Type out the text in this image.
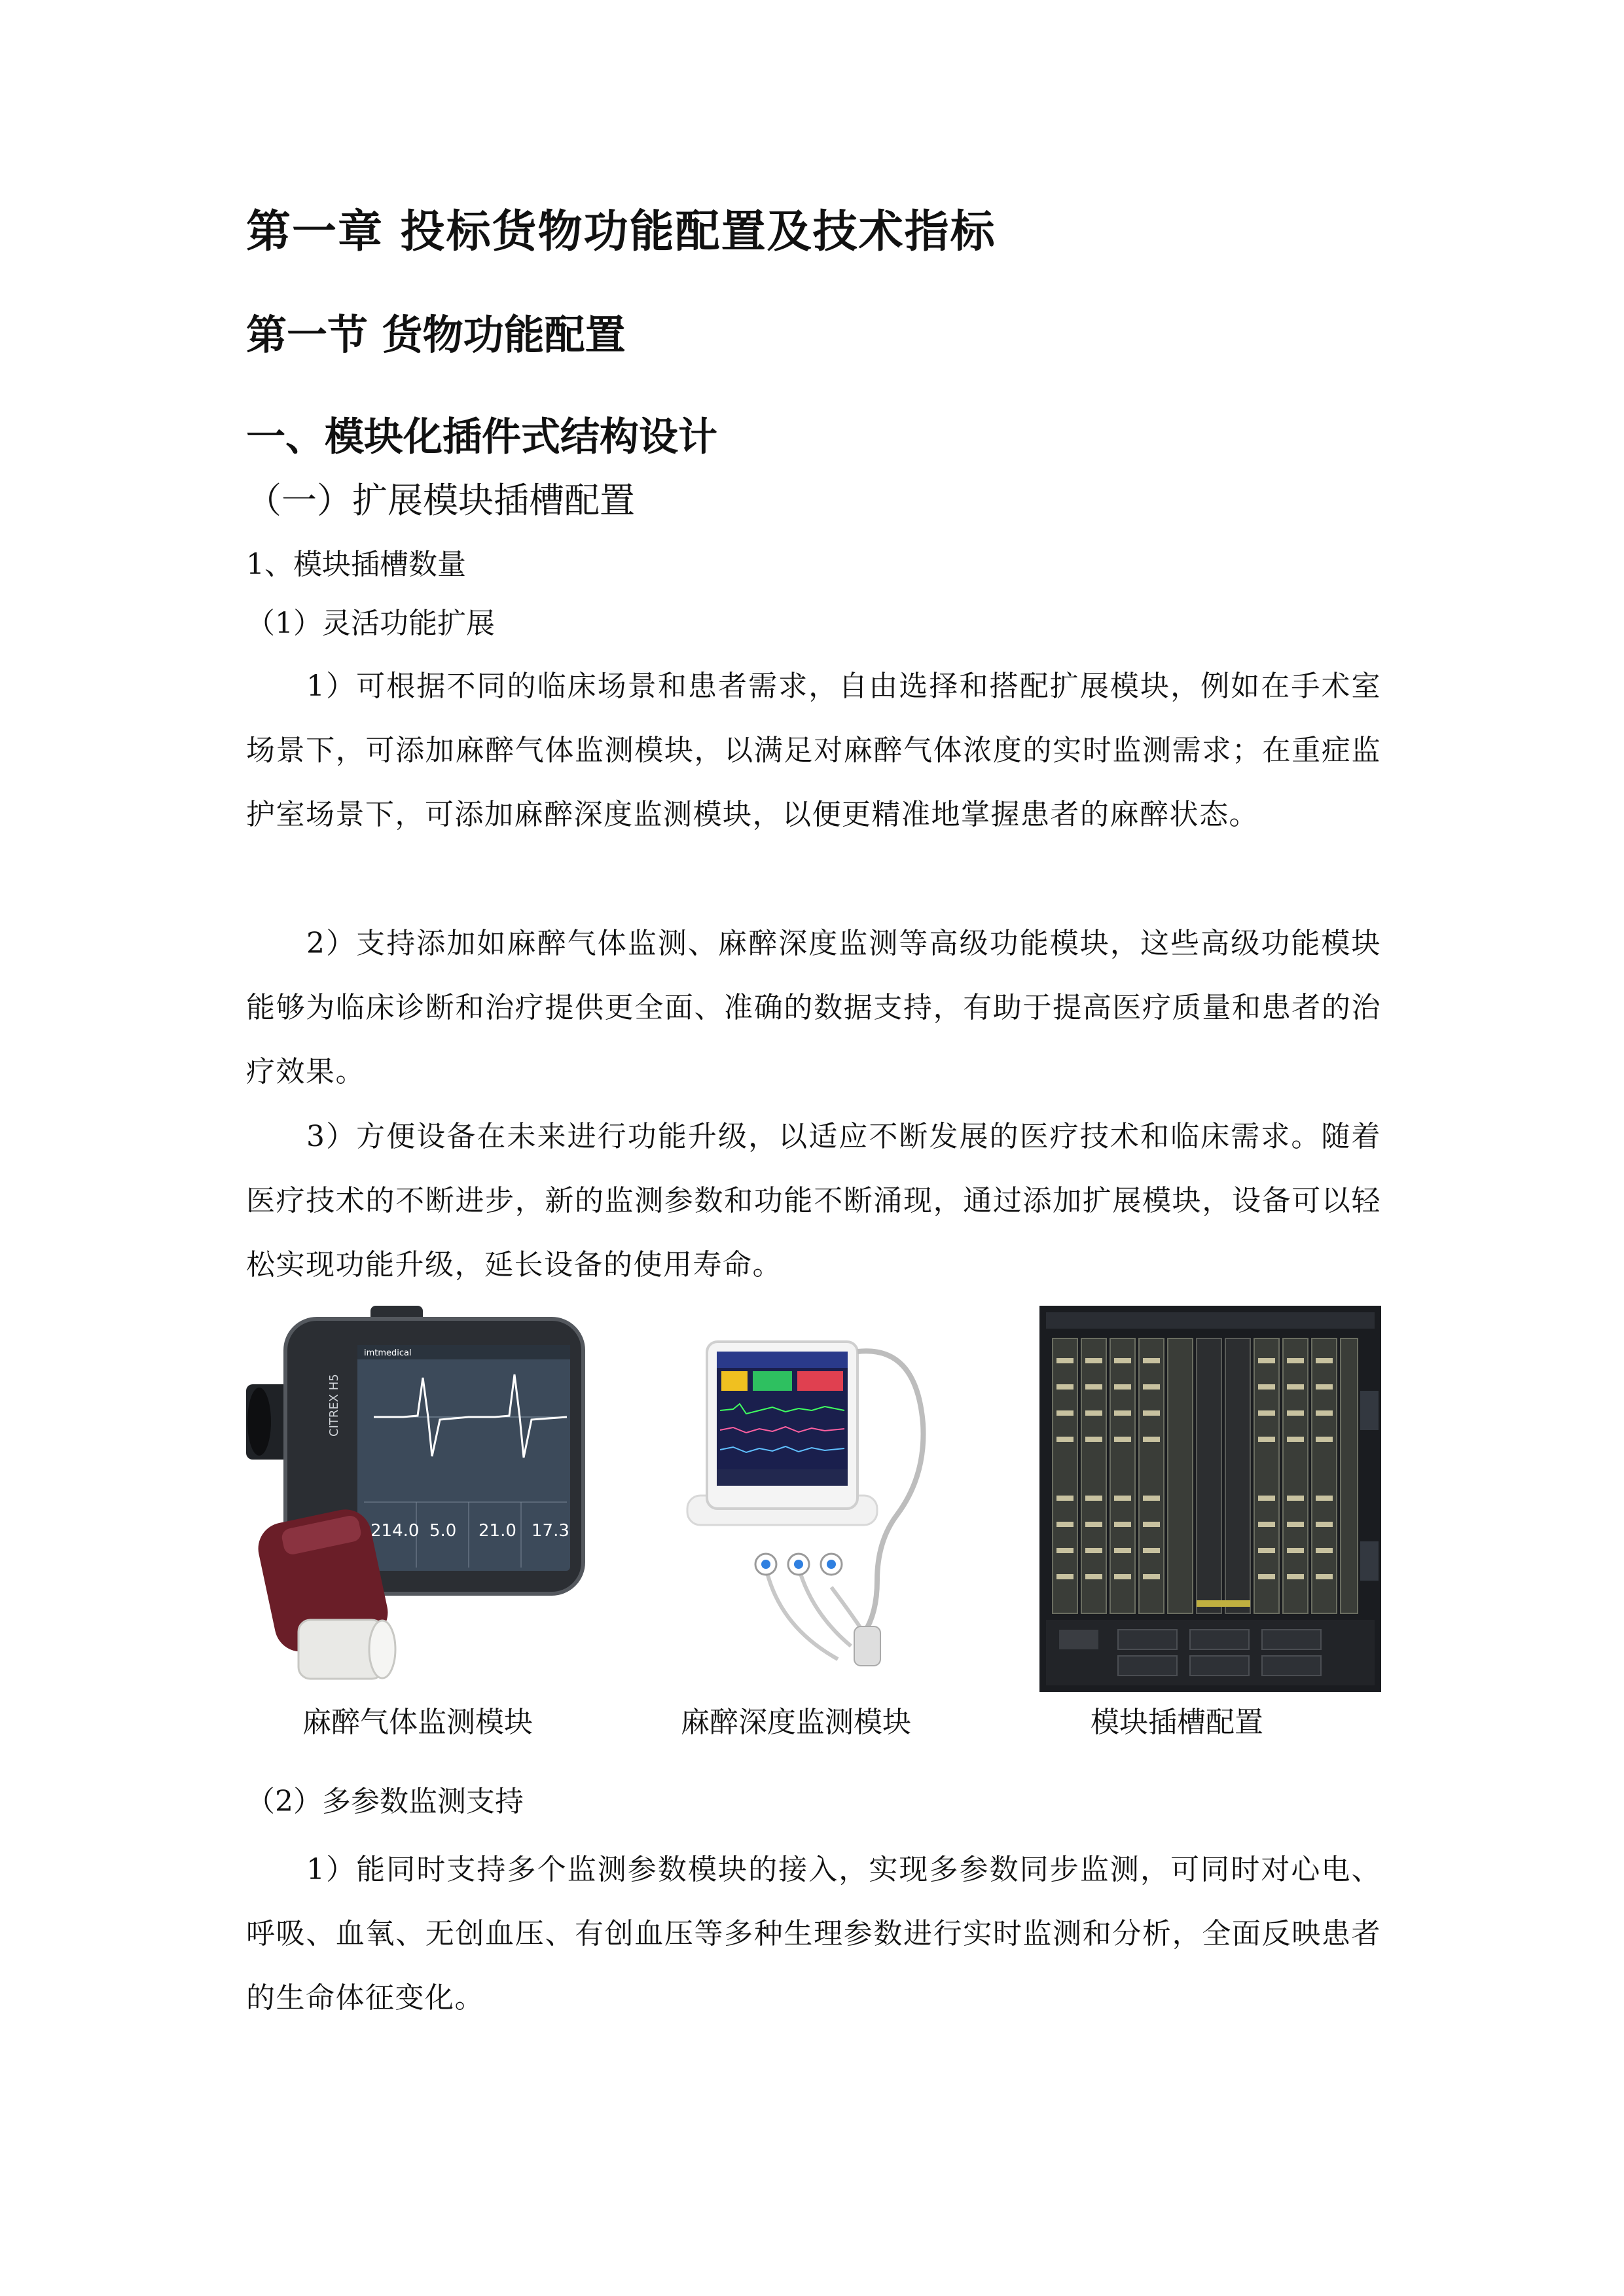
第一章 投标货物功能配置及技术指标
第一节 货物功能配置
一、模块化插件式结构设计
（一）扩展模块插槽配置
1、模块插槽数量
（1）灵活功能扩展
1）可根据不同的临床场景和患者需求，自由选择和搭配扩展模块，例如在手术室场景下，可添加麻醉气体监测模块，以满足对麻醉气体浓度的实时监测需求；在重症监护室场景下，可添加麻醉深度监测模块，以便更精准地掌握患者的麻醉状态。
2）支持添加如麻醉气体监测、麻醉深度监测等高级功能模块，这些高级功能模块能够为临床诊断和治疗提供更全面、准确的数据支持，有助于提高医疗质量和患者的治疗效果。
3）方便设备在未来进行功能升级，以适应不断发展的医疗技术和临床需求。随着医疗技术的不断进步，新的监测参数和功能不断涌现，通过添加扩展模块，设备可以轻松实现功能升级，延长设备的使用寿命。
CITREX H5
imtmedical
214.0 5.0 21.0 17.3
麻醉气体监测模块	麻醉深度监测模块	模块插槽配置
（2）多参数监测支持
1）能同时支持多个监测参数模块的接入，实现多参数同步监测，可同时对心电、呼吸、血氧、无创血压、有创血压等多种生理参数进行实时监测和分析，全面反映患者的生命体征变化。
